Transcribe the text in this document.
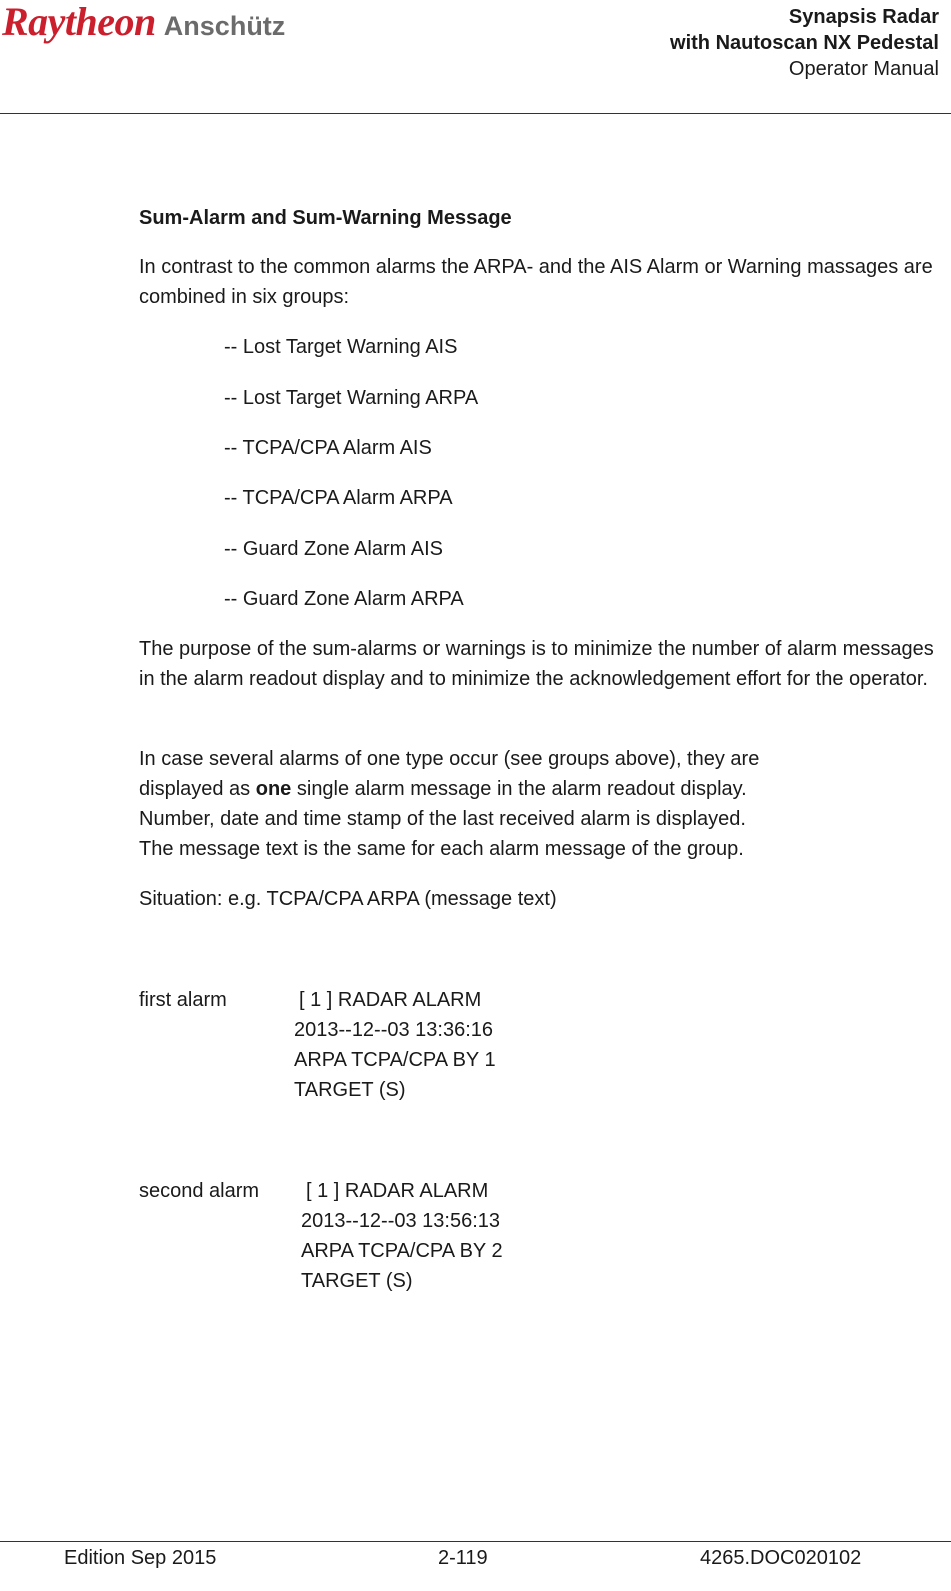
Raytheon Anschütz	Synapsis Radar
with Nautoscan NX Pedestal
Operator Manual
Sum-Alarm and Sum-Warning Message
In contrast to the common alarms the ARPA- and the AIS Alarm or Warning massages are combined in six groups:
-- Lost Target Warning AIS
-- Lost Target Warning ARPA
-- TCPA/CPA Alarm AIS
-- TCPA/CPA Alarm ARPA
-- Guard Zone Alarm AIS
-- Guard Zone Alarm ARPA
The purpose of the sum-alarms or warnings is to minimize the number of alarm messages in the alarm readout display and to minimize the acknowledgement effort for the operator.
In case several alarms of one type occur (see groups above), they are
displayed as one single alarm message in the alarm readout display.
Number, date and time stamp of the last received alarm is displayed.
The message text is the same for each alarm message of the group.
Situation: e.g. TCPA/CPA ARPA (message text)
first alarm	[ 1 ] RADAR ALARM
2013--12--03 13:36:16
ARPA TCPA/CPA BY 1
TARGET (S)
second alarm [ 1 ] RADAR ALARM
2013--12--03 13:56:13
ARPA TCPA/CPA BY 2
TARGET (S)
Edition Sep 2015	2-119	4265.DOC020102
